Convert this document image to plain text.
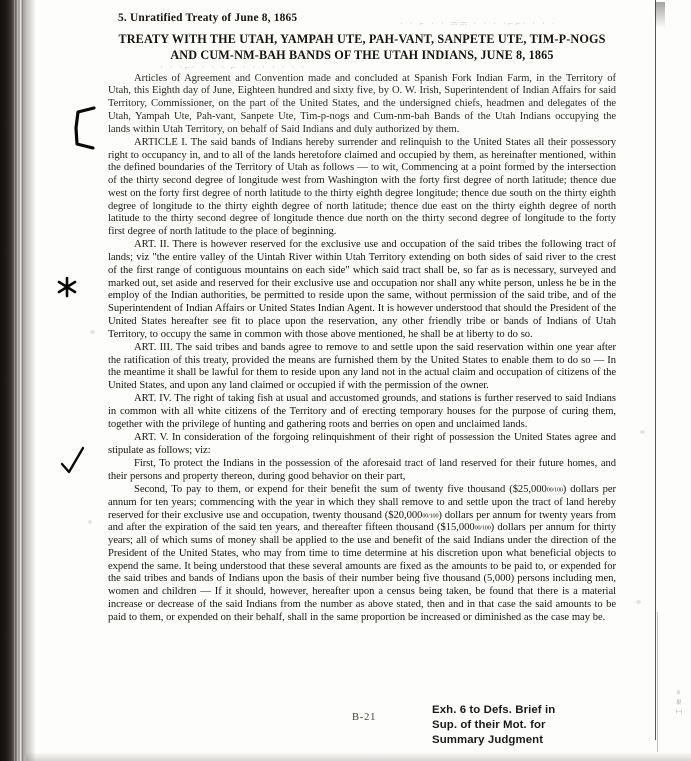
· · ⌐ · · ⎓⎓ · · · ·⌐⌐· · · ·
· · ·⌐· · · · ⌐ · · · · · · ·
≡ ≋ ⌶
5. Unratified Treaty of June 8, 1865
TREATY WITH THE UTAH, YAMPAH UTE, PAH-VANT, SANPETE UTE, TIM-P-NOGS
AND CUM-NM-BAH BANDS OF THE UTAH INDIANS, JUNE 8, 1865

Articles of Agreement and Convention made and concluded at Spanish Fork Indian Farm, in the Territory of Utah, this Eighth day of June, Eighteen hundred and sixty five, by O. W. Irish, Superintendent of Indian Affairs for said Territory, Commissioner, on the part of the United States, and the undersigned chiefs, headmen and delegates of the Utah, Yampah Ute, Pah-vant, Sanpete Ute, Tim-p-nogs and Cum-nm-bah Bands of the Utah Indians occupying the lands within Utah Territory, on behalf of Said Indians and duly authorized by them.

ARTICLE I. The said bands of Indians hereby surrender and relinquish to the United States all their possessory right to occupancy in, and to all of the lands heretofore claimed and occupied by them, as hereinafter mentioned, within the defined boundaries of the Territory of Utah as follows — to wit, Commencing at a point formed by the intersection of the thirty second degree of longitude west from Washington with the forty first degree of north latitude; thence due west on the forty first degree of north latitude to the thirty eighth degree longitude; thence due south on the thirty eighth degree of longitude to the thirty eighth degree of north latitude; thence due east on the thirty eighth degree of north latitude to the thirty second degree of longitude thence due north on the thirty second degree of longitude to the forty first degree of north latitude to the place of beginning.

ART. II. There is however reserved for the exclusive use and occupation of the said tribes the following tract of lands; viz "the entire valley of the Uintah River within Utah Territory extending on both sides of said river to the crest of the first range of contiguous mountains on each side" which said tract shall be, so far as is necessary, surveyed and marked out, set aside and reserved for their exclusive use and occupation nor shall any white person, unless he be in the employ of the Indian authorities, be permitted to reside upon the same, without permission of the said tribe, and of the Superintendent of Indian Affairs or United States Indian Agent. It is however understood that should the President of the United States hereafter see fit to place upon the reservation, any other friendly tribe or bands of Indians of Utah Territory, to occupy the same in common with those above mentioned, he shall be at liberty to do so.

ART. III. The said tribes and bands agree to remove to and settle upon the said reservation within one year after the ratification of this treaty, provided the means are furnished them by the United States to enable them to do so — In the meantime it shall be lawful for them to reside upon any land not in the actual claim and occupation of citizens of the United States, and upon any land claimed or occupied if with the permission of the owner.

ART. IV. The right of taking fish at usual and accustomed grounds, and stations is further reserved to said Indians in common with all white citizens of the Territory and of erecting temporary houses for the purpose of curing them, together with the privilege of hunting and gathering roots and berries on open and unclaimed lands.

ART. V. In consideration of the forgoing relinquishment of their right of possession the United States agree and stipulate as follows; viz:

First, To protect the Indians in the possession of the aforesaid tract of land reserved for their future homes, and their persons and property thereon, during good behavior on their part,

Second, To pay to them, or expend for their benefit the sum of twenty five thousand ($25,00000/100) dollars per annum for ten years; commencing with the year in which they shall remove to and settle upon the tract of land hereby reserved for their exclusive use and occupation, twenty thousand ($20,00000/100) dollars per annum for twenty years from and after the expiration of the said ten years, and thereafter fifteen thousand ($15,00000/100) dollars per annum for thirty years; all of which sums of money shall be applied to the use and benefit of the said Indians under the direction of the President of the United States, who may from time to time determine at his discretion upon what beneficial objects to expend the same. It being understood that these several amounts are fixed as the amounts to be paid to, or expended for the said tribes and bands of Indians upon the basis of their number being five thousand (5,000) persons including men, women and children — If it should, however, hereafter upon a census being taken, be found that there is a material increase or decrease of the said Indians from the number as above stated, then and in that case the said amounts to be paid to them, or expended on their behalf, shall in the same proportion be increased or diminished as the case may be.

B-21
Exh. 6 to Defs. Brief in
Sup. of their Mot. for
Summary Judgment
